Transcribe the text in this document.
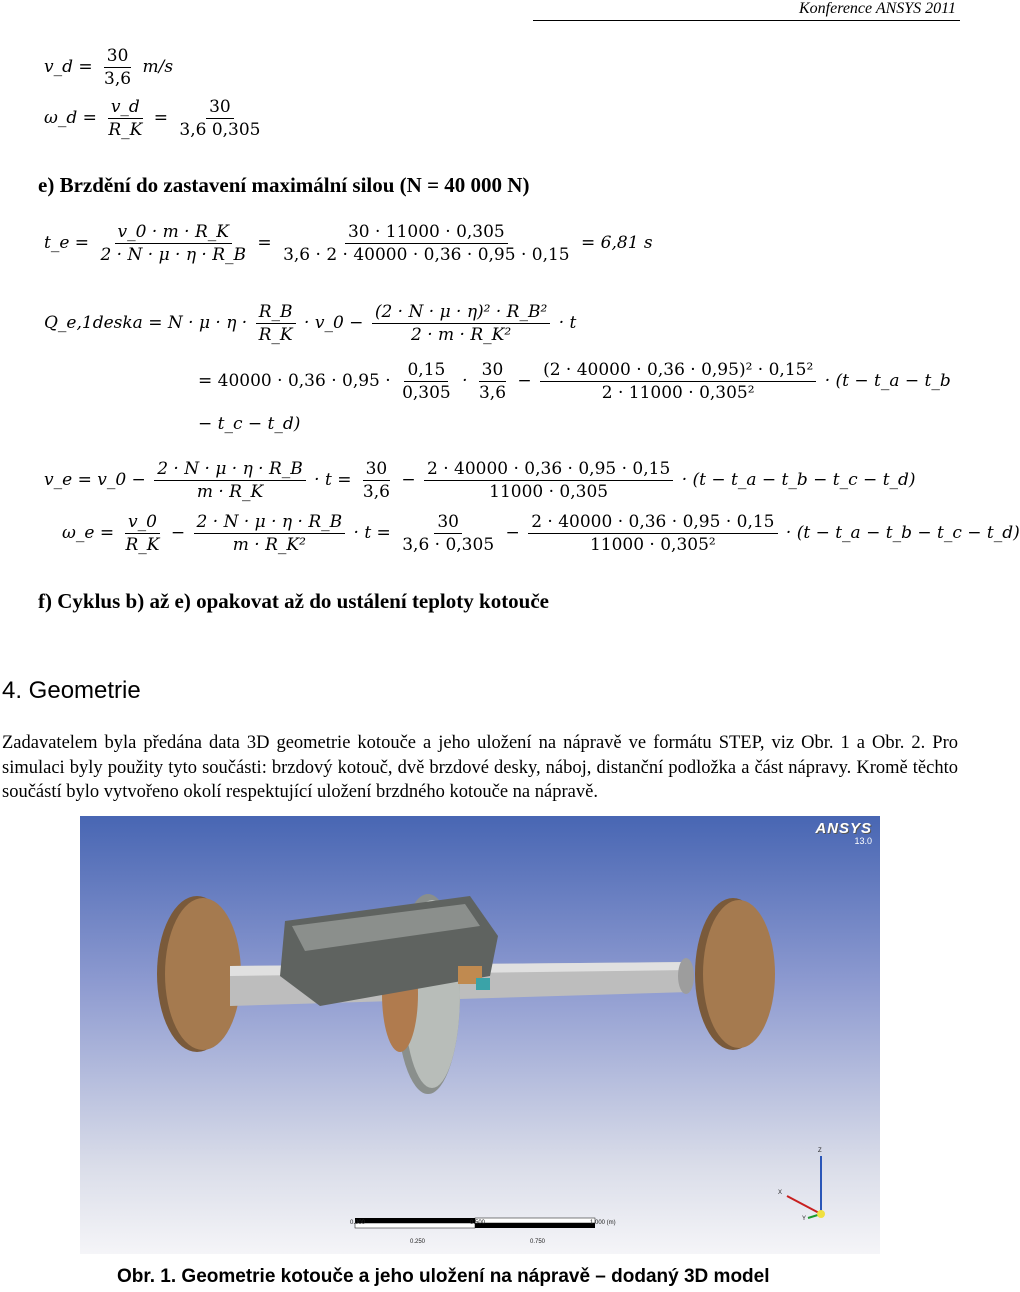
Konference ANSYS 2011
v_d = $\frac{30}{3,6} m/s$
ω_d = $\frac{v\_d}{R\_K} = \frac{30}{3,6 0,305}$
e) Brzdění do zastavení maximální silou (N = 40 000 N)
t_e = $\frac{v\_0 \cdot m \cdot R\_K}{2 \cdot N \cdot \mu \cdot \eta \cdot R\_B} = \frac{30 \cdot 11000 \cdot 0,305}{3,6 \cdot 2 \cdot 40000 \cdot 0,36 \cdot 0,95 \cdot 0,15} = 6,81$ s
Q_e,1deska = $N \cdot \mu \cdot \eta \cdot \frac{R\_B}{R\_K}$ · v_0 − $\frac{\text{(2 · N · μ · η)² · R\_B²}}{\text{2 · m · R\_K²}} \cdot t$
= $40000 \cdot 0,36 \cdot 0,95 \cdot \frac{0,15}{0,305} \cdot \frac{30}{3,6} - \frac{\text{(2 · 40000 · 0,36 · 0,95)² · 0,15²}}{\text{2 · 11000 · 0,305²}} \cdot (t$ − t_a − t_b
− t_c − t_d)
v_e = v_0 − $\frac{2 \cdot N \cdot \mu \cdot \eta \cdot R\_B}{m \cdot R\_K} \cdot t = \frac{30}{3,6} - \frac{2 \cdot 40000 \cdot 0,36 \cdot 0,95 \cdot 0,15}{11000 \cdot 0,305} \cdot (t$ − t_a − t_b − t_c − t_d)
ω_e = $\frac{v\_0}{R\_K} - \frac{2 \cdot N \cdot \mu \cdot \eta \cdot R\_B}{\text{m · R\_K²}} \cdot t = \frac{30}{3,6 \cdot 0,305} - \frac{2 \cdot 40000 \cdot 0,36 \cdot 0,95 \cdot 0,15}{\text{11000 · 0,305²}} \cdot (t$ − t_a − t_b − t_c − t_d)
f) Cyklus b) až e) opakovat až do ustálení teploty kotouče
4. Geometrie
Zadavatelem byla předána data 3D geometrie kotouče a jeho uložení na nápravě ve formátu STEP, viz Obr. 1 a Obr. 2. Pro simulaci byly použity tyto součásti: brzdový kotouč, dvě brzdové desky, náboj, distanční podložka a část nápravy. Kromě těchto součástí bylo vytvořeno okolí respektující uložení brzdného kotouče na nápravě.
ANSYS
13.0
Z
X
Y
0.000	0.500	1.000 (m)
0.250	0.750
Obr. 1. Geometrie kotouče a jeho uložení na nápravě – dodaný 3D model
